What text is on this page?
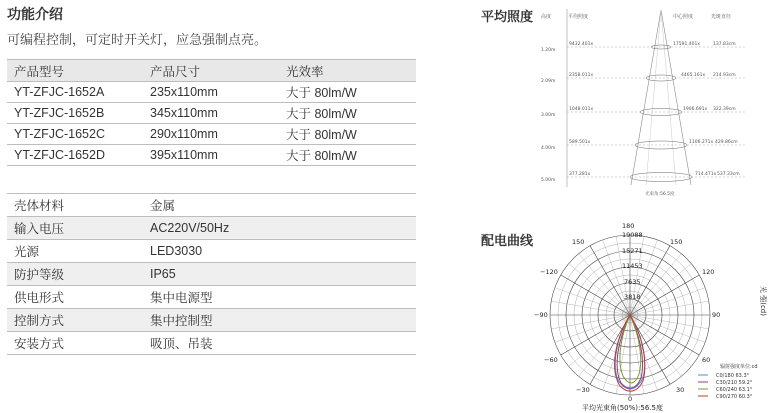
功能介绍
可编程控制，可定时开关灯，应急强制点亮。
产品型号	产品尺寸	光效率
YT-ZFJC-1652A	235x110mm	大于 80lm/W
YT-ZFJC-1652B	345x110mm	大于 80lm/W
YT-ZFJC-1652C	290x110mm	大于 80lm/W
YT-ZFJC-1652D	395x110mm	大于 80lm/W
壳体材料	金属
输入电压	AC220V/50Hz
光源	LED3030
防护等级	IP65
供电形式	集中电源型
控制方式	集中控制型
安装方式	吸顶、吊装
平均照度 高度	平均照度	中心照度	光斑直径
1.20m
9432.401x	17591.401x	137.83cm
2.09m
2358.011x	4465.161x 214.93cm
3.00m
1048.011x	1906.691x 322.39cm
4.00m
589.501x	1106.271x 429.86cm
5.00m
377.281x	714.471x 537.33cm
光束角:56.5度
配电曲线	19088
15271
11453
7635
3818
150
180
150
−120	120
−90	90
−60	60
−30
0
30
光 强(cd)
辐射强度单位:cd
C0/180 63.3°
C30/210 59.2°
C60/240 63.1°
C90/270 60.3°
平均光束角(50%):56.5度
